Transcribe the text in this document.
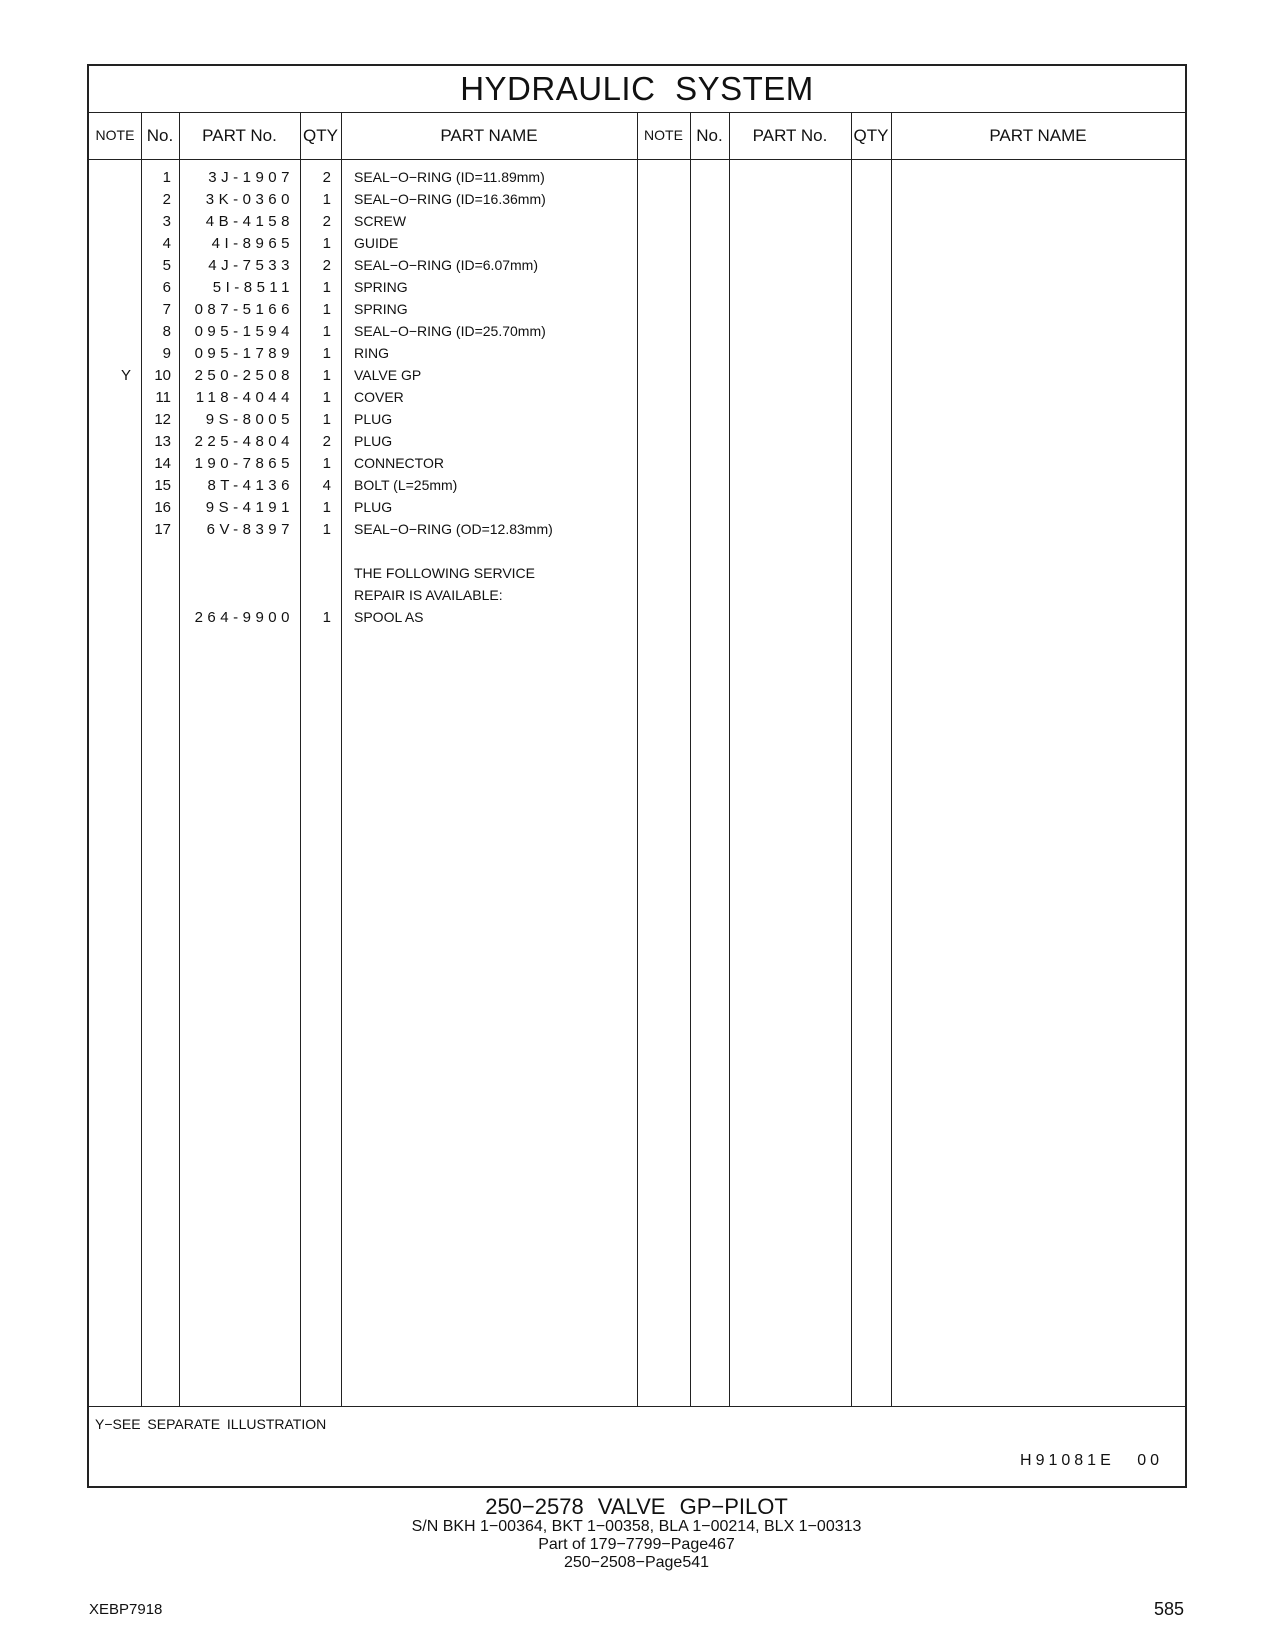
HYDRAULIC SYSTEM
NOTE No.	PART No.	QTY	PART NAME	NOTE No.	PART No.	QTY	PART NAME
1	3J-1907	2 SEAL−O−RING (ID=11.89mm)
2	3K-0360	1 SEAL−O−RING (ID=16.36mm)
3	4B-4158	2 SCREW
4	4I-8965	1 GUIDE
5	4J-7533	2 SEAL−O−RING (ID=6.07mm)
6	5I-8511	1 SPRING
7	087-5166	1 SPRING
8	095-1594	1 SEAL−O−RING (ID=25.70mm)
9	095-1789	1 RING
Y	10	250-2508	1 VALVE GP
11	118-4044	1 COVER
12	9S-8005	1 PLUG
13	225-4804	2 PLUG
14	190-7865	1 CONNECTOR
15	8T-4136	4 BOLT (L=25mm)
16	9S-4191	1 PLUG
17	6V-8397	1 SEAL−O−RING (OD=12.83mm)
THE FOLLOWING SERVICE
REPAIR IS AVAILABLE:
264-9900	1 SPOOL AS
Y−SEE SEPARATE ILLUSTRATION
H91081E 00
250−2578 VALVE GP−PILOT
S/N BKH 1−00364, BKT 1−00358, BLA 1−00214, BLX 1−00313
Part of 179−7799−Page467
250−2508−Page541
XEBP7918	585
